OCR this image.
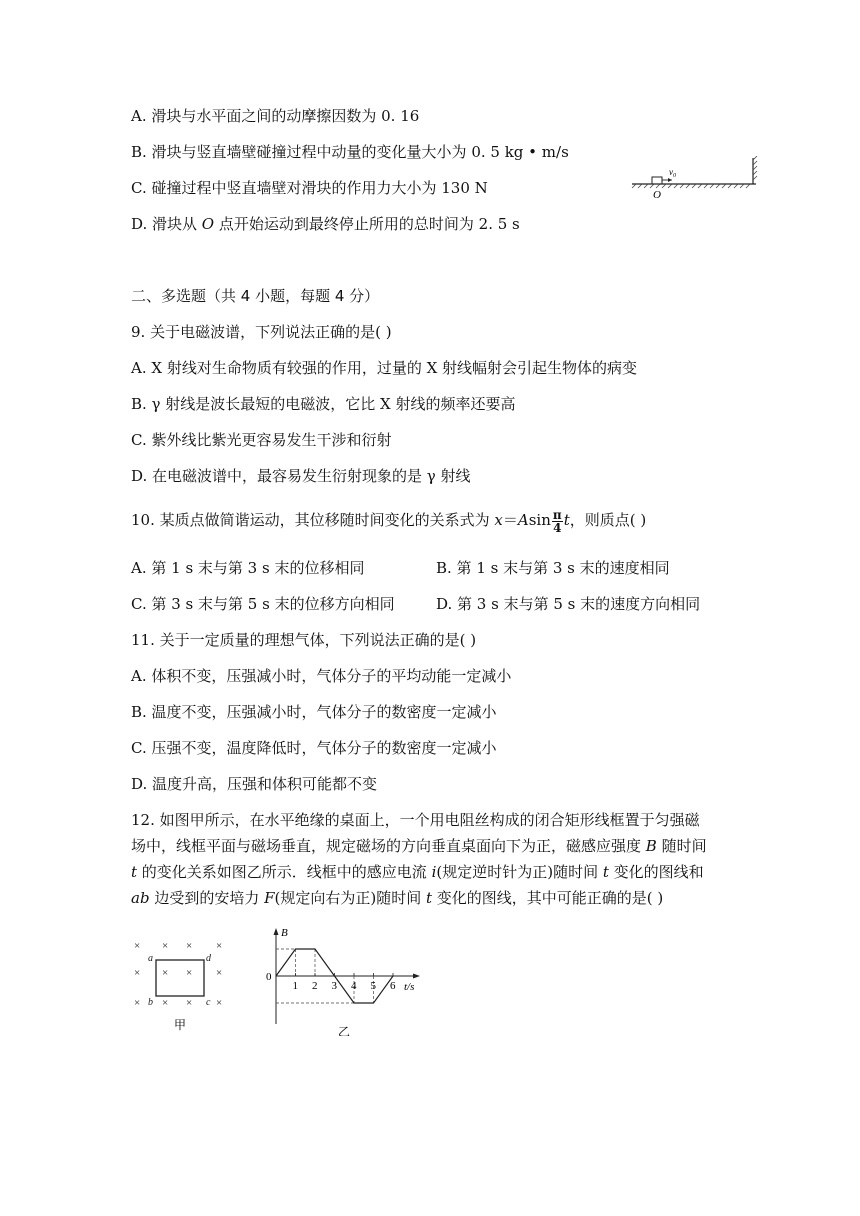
A. 滑块与水平面之间的动摩擦因数为 0. 16
B. 滑块与竖直墙壁碰撞过程中动量的变化量大小为 0. 5 kg • m/s
C. 碰撞过程中竖直墙壁对滑块的作用力大小为 130 N
D. 滑块从 O 点开始运动到最终停止所用的总时间为 2. 5 s
$v_0$
O
二、多选题（共 4 小题，每题 4 分）
9. 关于电磁波谱，下列说法正确的是( )
A. X 射线对生命物质有较强的作用，过量的 X 射线幅射会引起生物体的病变
B. γ 射线是波长最短的电磁波，它比 X 射线的频率还要高
C. 紫外线比紫光更容易发生干涉和衍射
D. 在电磁波谱中，最容易发生衍射现象的是 γ 射线
10. 某质点做简谐运动，其位移随时间变化的关系式为 $x=Asin \frac{\pi}{4}$ t，则质点( )
A. 第 1 s 末与第 3 s 末的位移相同	B. 第 1 s 末与第 3 s 末的速度相同
C. 第 3 s 末与第 5 s 末的位移方向相同	D. 第 3 s 末与第 5 s 末的速度方向相同
11. 关于一定质量的理想气体，下列说法正确的是( )
A. 体积不变，压强减小时，气体分子的平均动能一定减小
B. 温度不变，压强减小时，气体分子的数密度一定减小
C. 压强不变，温度降低时，气体分子的数密度一定减小
D. 温度升高，压强和体积可能都不变
12. 如图甲所示，在水平绝缘的桌面上，一个用电阻丝构成的闭合矩形线框置于匀强磁
场中，线框平面与磁场垂直，规定磁场的方向垂直桌面向下为正，磁感应强度 B 随时间
t 的变化关系如图乙所示．线框中的感应电流 i(规定逆时针为正)随时间 t 变化的图线和
ab 边受到的安培力 F(规定向右为正)随时间 t 变化的图线，其中可能正确的是( )
× × × ×
× × × ×
× × × ×
a
b	c
d
甲
B
0
t/s
1 2 3 4 5 6
乙
